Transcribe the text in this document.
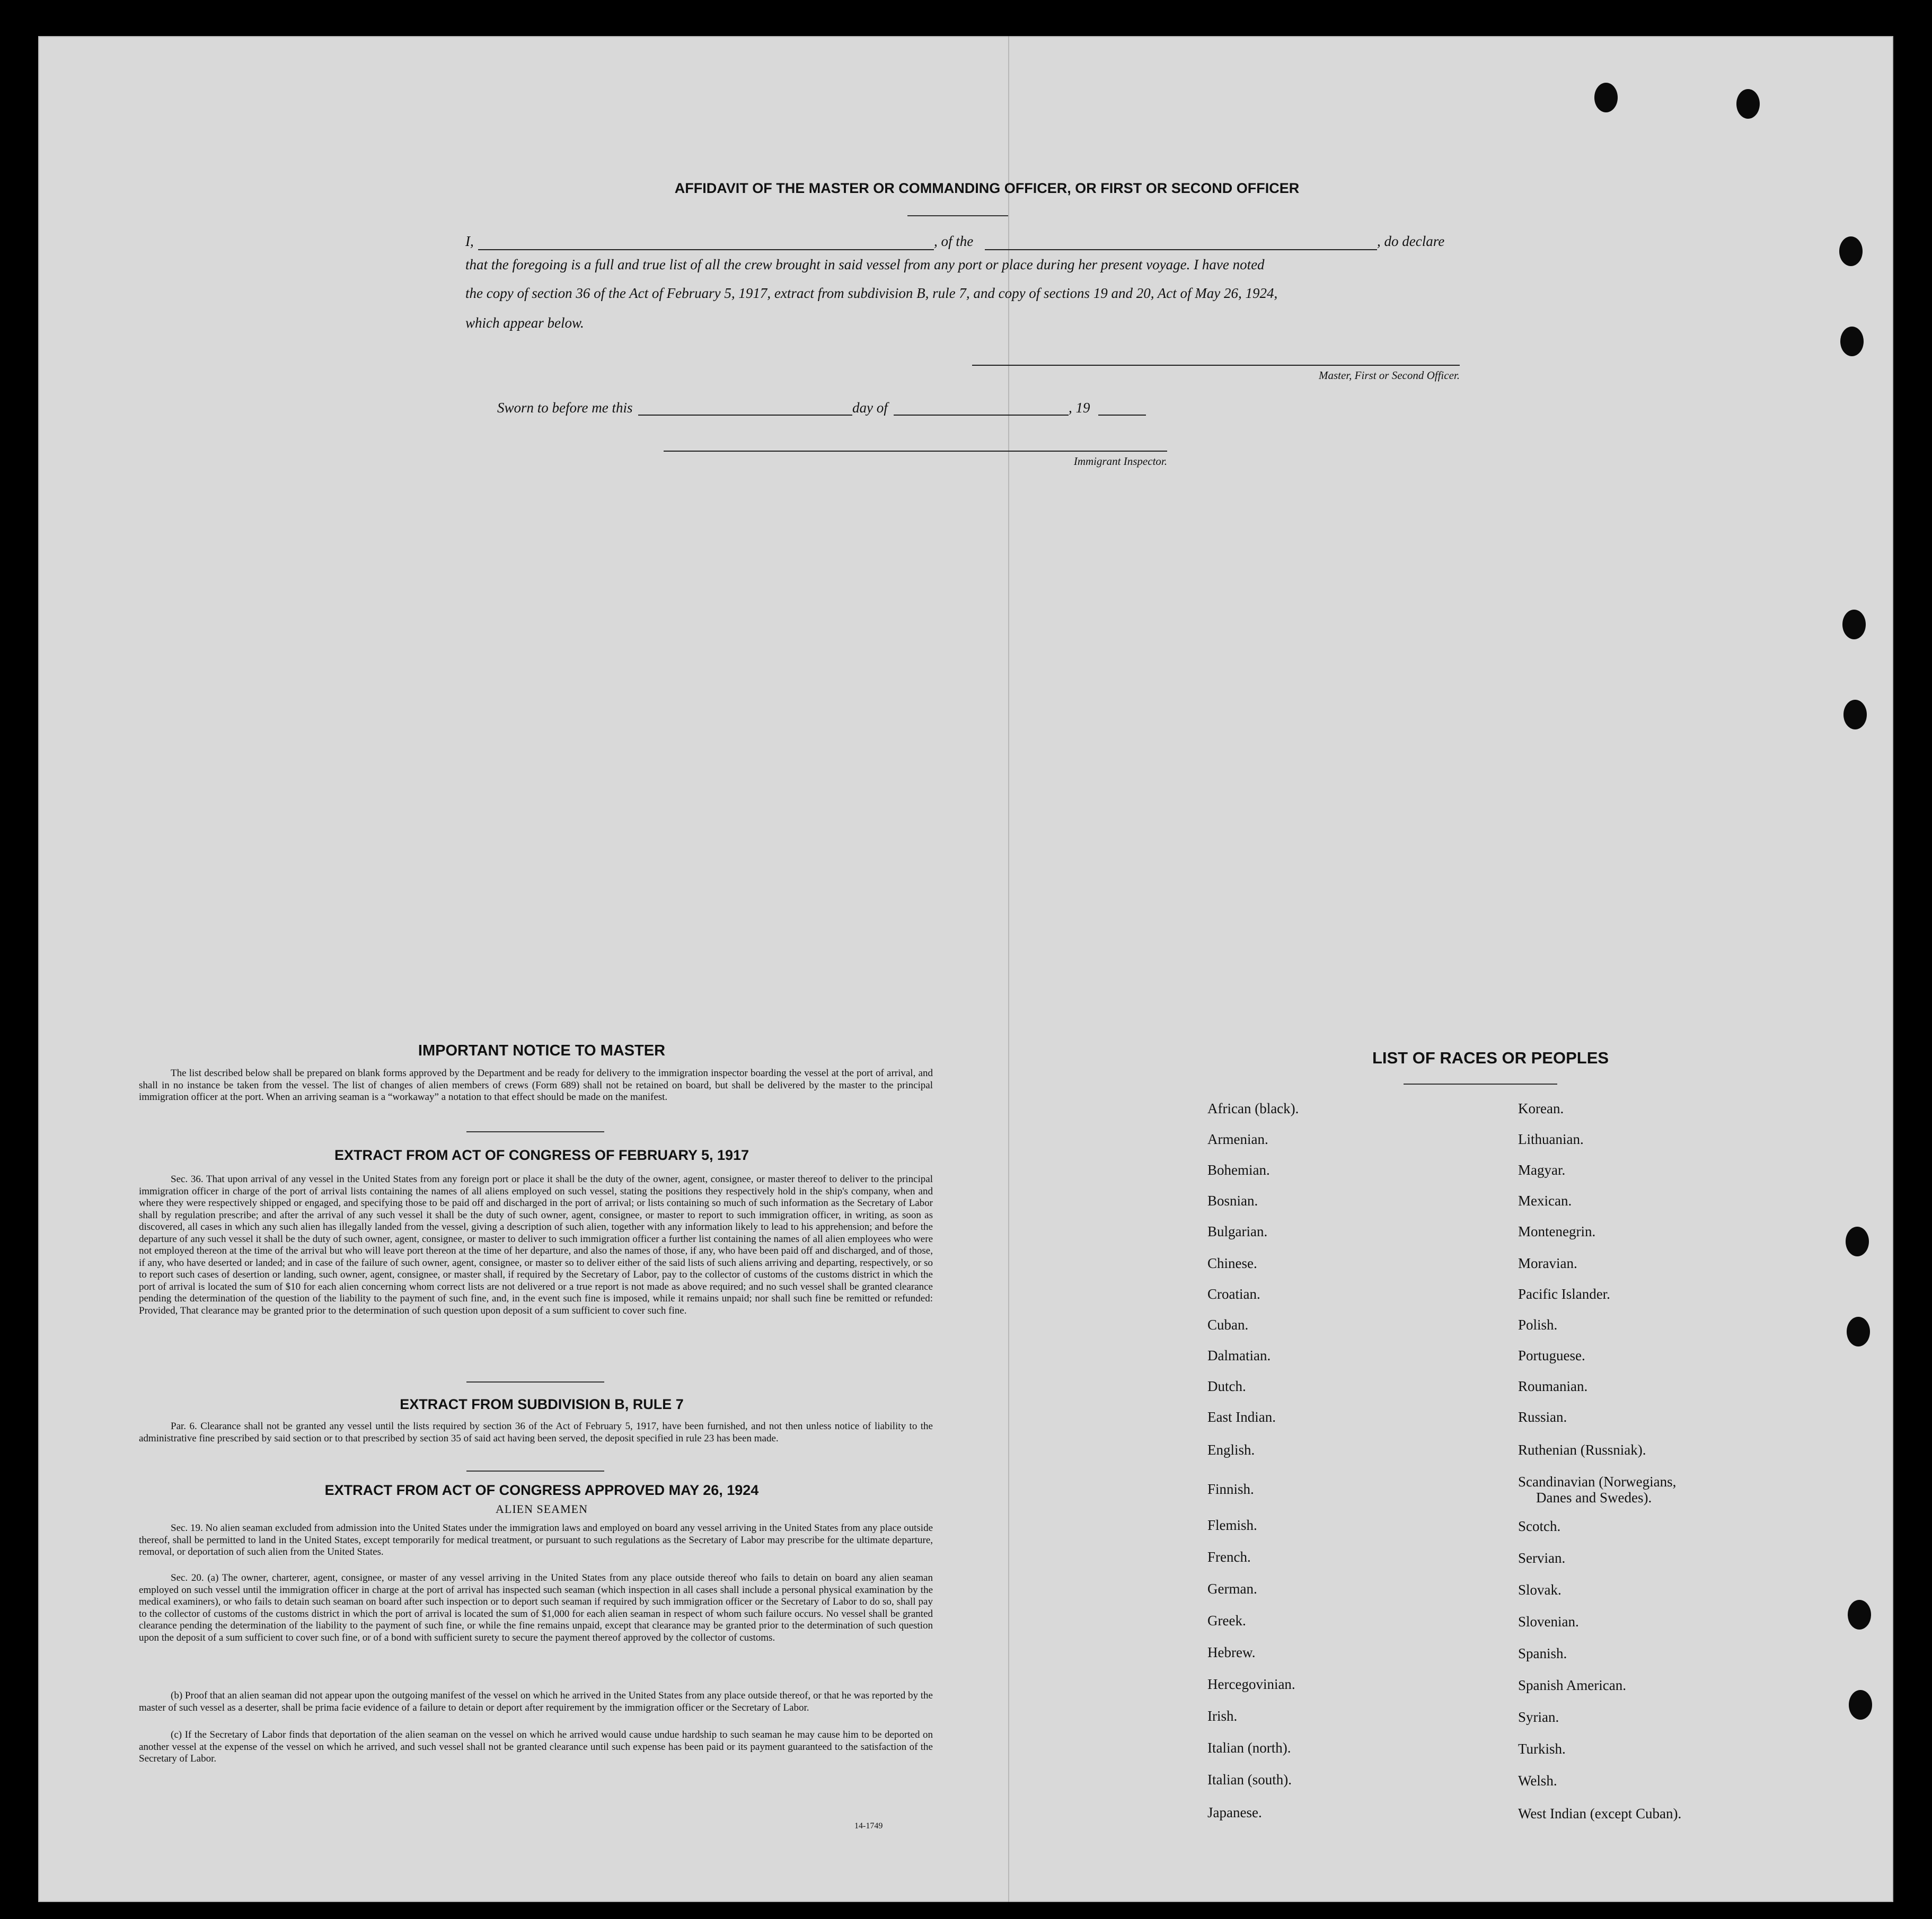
AFFIDAVIT OF THE MASTER OR COMMANDING OFFICER, OR FIRST OR SECOND OFFICER
I,	, of the	, do declare
that the foregoing is a full and true list of all the crew brought in said vessel from any port or place during her present voyage. I have noted
the copy of section 36 of the Act of February 5, 1917, extract from subdivision B, rule 7, and copy of sections 19 and 20, Act of May 26, 1924,
which appear below.
Master, First or Second Officer.
Sworn to before me this	day of	, 19
Immigrant Inspector.
IMPORTANT NOTICE TO MASTER
The list described below shall be prepared on blank forms approved by the Department and be ready for delivery to the immigration inspector boarding the vessel at the port of arrival, and shall in no instance be taken from the vessel. The list of changes of alien members of crews (Form 689) shall not be retained on board, but shall be delivered by the master to the principal immigration officer at the port. When an arriving seaman is a “workaway” a notation to that effect should be made on the manifest.
EXTRACT FROM ACT OF CONGRESS OF FEBRUARY 5, 1917
Sec. 36. That upon arrival of any vessel in the United States from any foreign port or place it shall be the duty of the owner, agent, consignee, or master thereof to deliver to the principal immigration officer in charge of the port of arrival lists containing the names of all aliens employed on such vessel, stating the positions they respectively hold in the ship's company, when and where they were respectively shipped or engaged, and specifying those to be paid off and discharged in the port of arrival; or lists containing so much of such information as the Secretary of Labor shall by regulation prescribe; and after the arrival of any such vessel it shall be the duty of such owner, agent, consignee, or master to report to such immigration officer, in writing, as soon as discovered, all cases in which any such alien has illegally landed from the vessel, giving a description of such alien, together with any information likely to lead to his apprehension; and before the departure of any such vessel it shall be the duty of such owner, agent, consignee, or master to deliver to such immigration officer a further list containing the names of all alien employees who were not employed thereon at the time of the arrival but who will leave port thereon at the time of her departure, and also the names of those, if any, who have been paid off and discharged, and of those, if any, who have deserted or landed; and in case of the failure of such owner, agent, consignee, or master so to deliver either of the said lists of such aliens arriving and departing, respectively, or so to report such cases of desertion or landing, such owner, agent, consignee, or master shall, if required by the Secretary of Labor, pay to the collector of customs of the customs district in which the port of arrival is located the sum of $10 for each alien concerning whom correct lists are not delivered or a true report is not made as above required; and no such vessel shall be granted clearance pending the determination of the question of the liability to the payment of such fine, and, in the event such fine is imposed, while it remains unpaid; nor shall such fine be remitted or refunded: Provided, That clearance may be granted prior to the determination of such question upon deposit of a sum sufficient to cover such fine.
EXTRACT FROM SUBDIVISION B, RULE 7
Par. 6. Clearance shall not be granted any vessel until the lists required by section 36 of the Act of February 5, 1917, have been furnished, and not then unless notice of liability to the administrative fine prescribed by said section or to that prescribed by section 35 of said act having been served, the deposit specified in rule 23 has been made.
EXTRACT FROM ACT OF CONGRESS APPROVED MAY 26, 1924
ALIEN SEAMEN
Sec. 19. No alien seaman excluded from admission into the United States under the immigration laws and employed on board any vessel arriving in the United States from any place outside thereof, shall be permitted to land in the United States, except temporarily for medical treatment, or pursuant to such regulations as the Secretary of Labor may prescribe for the ultimate departure, removal, or deportation of such alien from the United States.
Sec. 20. (a) The owner, charterer, agent, consignee, or master of any vessel arriving in the United States from any place outside thereof who fails to detain on board any alien seaman employed on such vessel until the immigration officer in charge at the port of arrival has inspected such seaman (which inspection in all cases shall include a personal physical examination by the medical examiners), or who fails to detain such seaman on board after such inspection or to deport such seaman if required by such immigration officer or the Secretary of Labor to do so, shall pay to the collector of customs of the customs district in which the port of arrival is located the sum of $1,000 for each alien seaman in respect of whom such failure occurs. No vessel shall be granted clearance pending the determination of the liability to the payment of such fine, or while the fine remains unpaid, except that clearance may be granted prior to the determination of such question upon the deposit of a sum sufficient to cover such fine, or of a bond with sufficient surety to secure the payment thereof approved by the collector of customs.
(b) Proof that an alien seaman did not appear upon the outgoing manifest of the vessel on which he arrived in the United States from any place outside thereof, or that he was reported by the master of such vessel as a deserter, shall be prima facie evidence of a failure to detain or deport after requirement by the immigration officer or the Secretary of Labor.
(c) If the Secretary of Labor finds that deportation of the alien seaman on the vessel on which he arrived would cause undue hardship to such seaman he may cause him to be deported on another vessel at the expense of the vessel on which he arrived, and such vessel shall not be granted clearance until such expense has been paid or its payment guaranteed to the satisfaction of the Secretary of Labor.
14-1749
LIST OF RACES OR PEOPLES
African (black).
Armenian.
Bohemian.
Bosnian.
Bulgarian.
Chinese.
Croatian.
Cuban.
Dalmatian.
Dutch.
East Indian.
English.
Finnish.
Flemish.
French.
German.
Greek.
Hebrew.
Hercegovinian.
Irish.
Italian (north).
Italian (south).
Japanese.
Korean.
Lithuanian.
Magyar.
Mexican.
Montenegrin.
Moravian.
Pacific Islander.
Polish.
Portuguese.
Roumanian.
Russian.
Ruthenian (Russniak).
Scandinavian (Norwegians,
Danes and Swedes).
Scotch.
Servian.
Slovak.
Slovenian.
Spanish.
Spanish American.
Syrian.
Turkish.
Welsh.
West Indian (except Cuban).
